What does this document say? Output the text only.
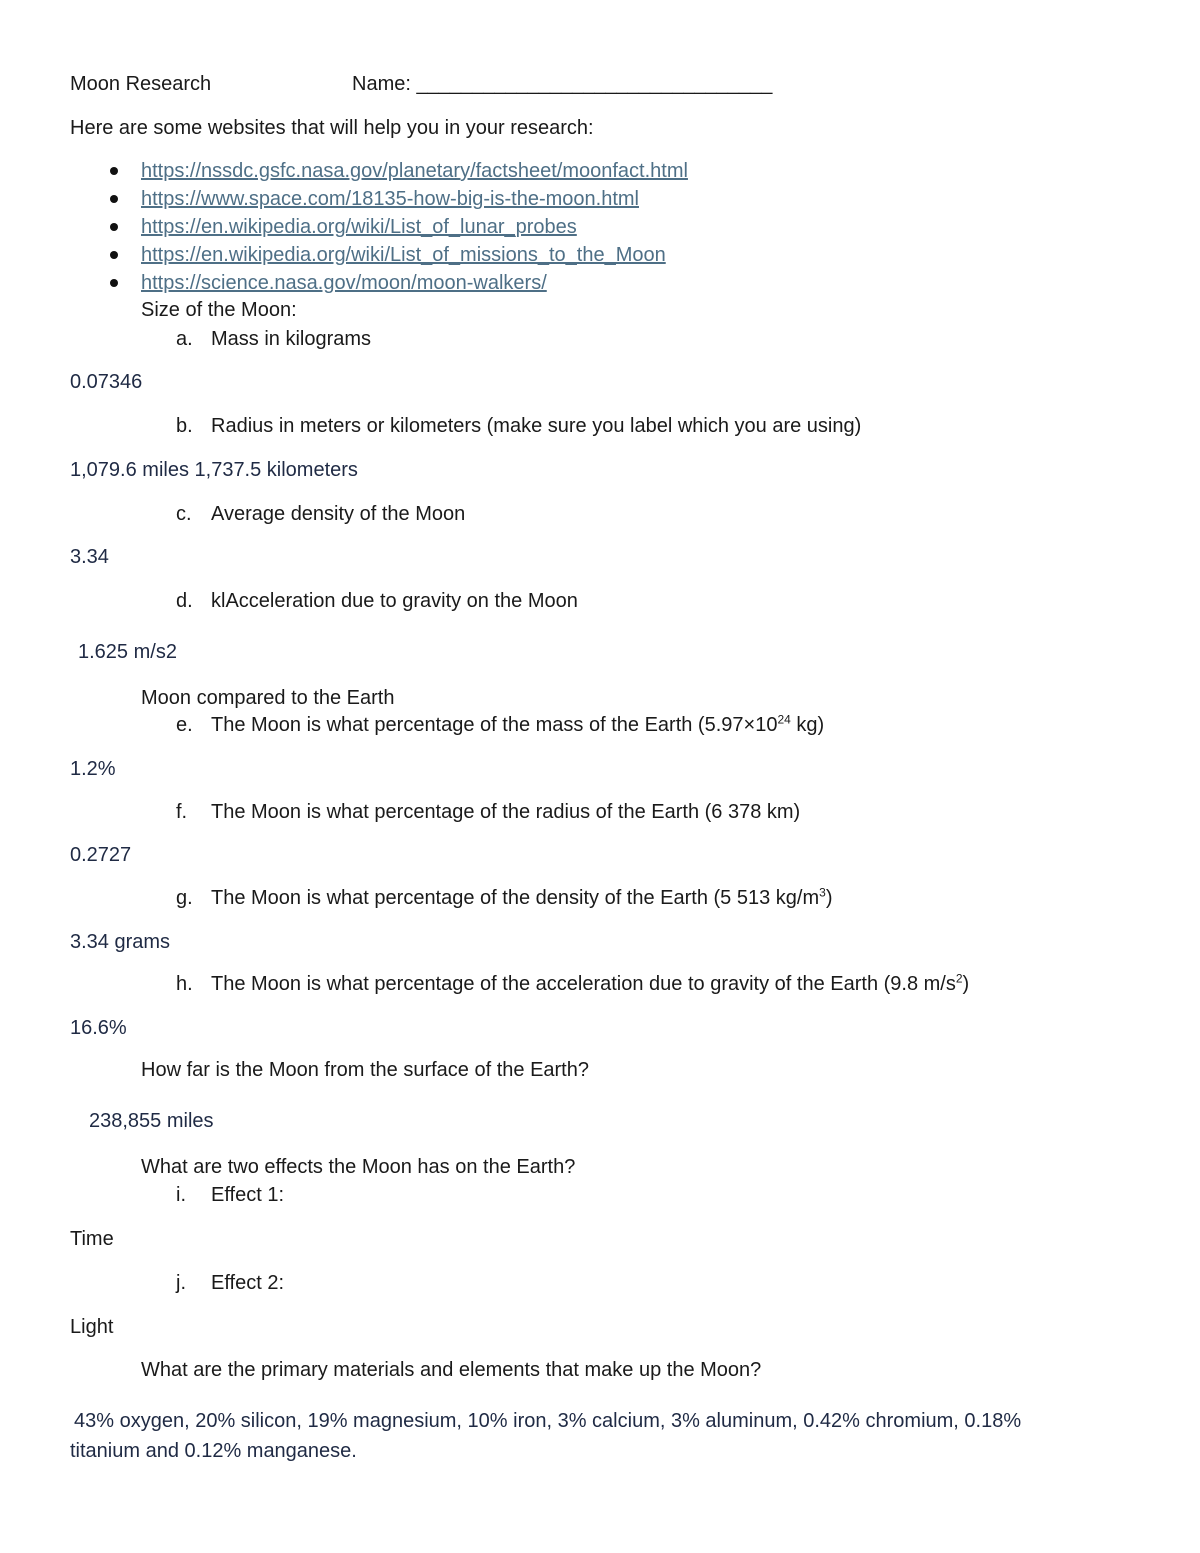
Moon Research	Name: ________________________________
Here are some websites that will help you in your research:
https://nssdc.gsfc.nasa.gov/planetary/factsheet/moonfact.html
https://www.space.com/18135-how-big-is-the-moon.html
https://en.wikipedia.org/wiki/List_of_lunar_probes
https://en.wikipedia.org/wiki/List_of_missions_to_the_Moon
https://science.nasa.gov/moon/moon-walkers/
Size of the Moon:
a. Mass in kilograms
0.07346
b. Radius in meters or kilometers (make sure you label which you are using)
1,079.6 miles 1,737.5 kilometers
c. Average density of the Moon
3.34
d. klAcceleration due to gravity on the Moon
1.625 m/s2
Moon compared to the Earth
e. The Moon is what percentage of the mass of the Earth ($5.97\times 10^{24}$ kg)
1.2%
f. The Moon is what percentage of the radius of the Earth (6 378 km)
0.2727
g. The Moon is what percentage of the density of the Earth (5 513 $kg/m^3$)
3.34 grams
h. The Moon is what percentage of the acceleration due to gravity of the Earth (9.8 $m/s^2$)
16.6%
How far is the Moon from the surface of the Earth?
238,855 miles
What are two effects the Moon has on the Earth?
i. Effect 1:
Time
j. Effect 2:
Light
What are the primary materials and elements that make up the Moon?
43% oxygen, 20% silicon, 19% magnesium, 10% iron, 3% calcium, 3% aluminum, 0.42% chromium, 0.18%
titanium and 0.12% manganese.
